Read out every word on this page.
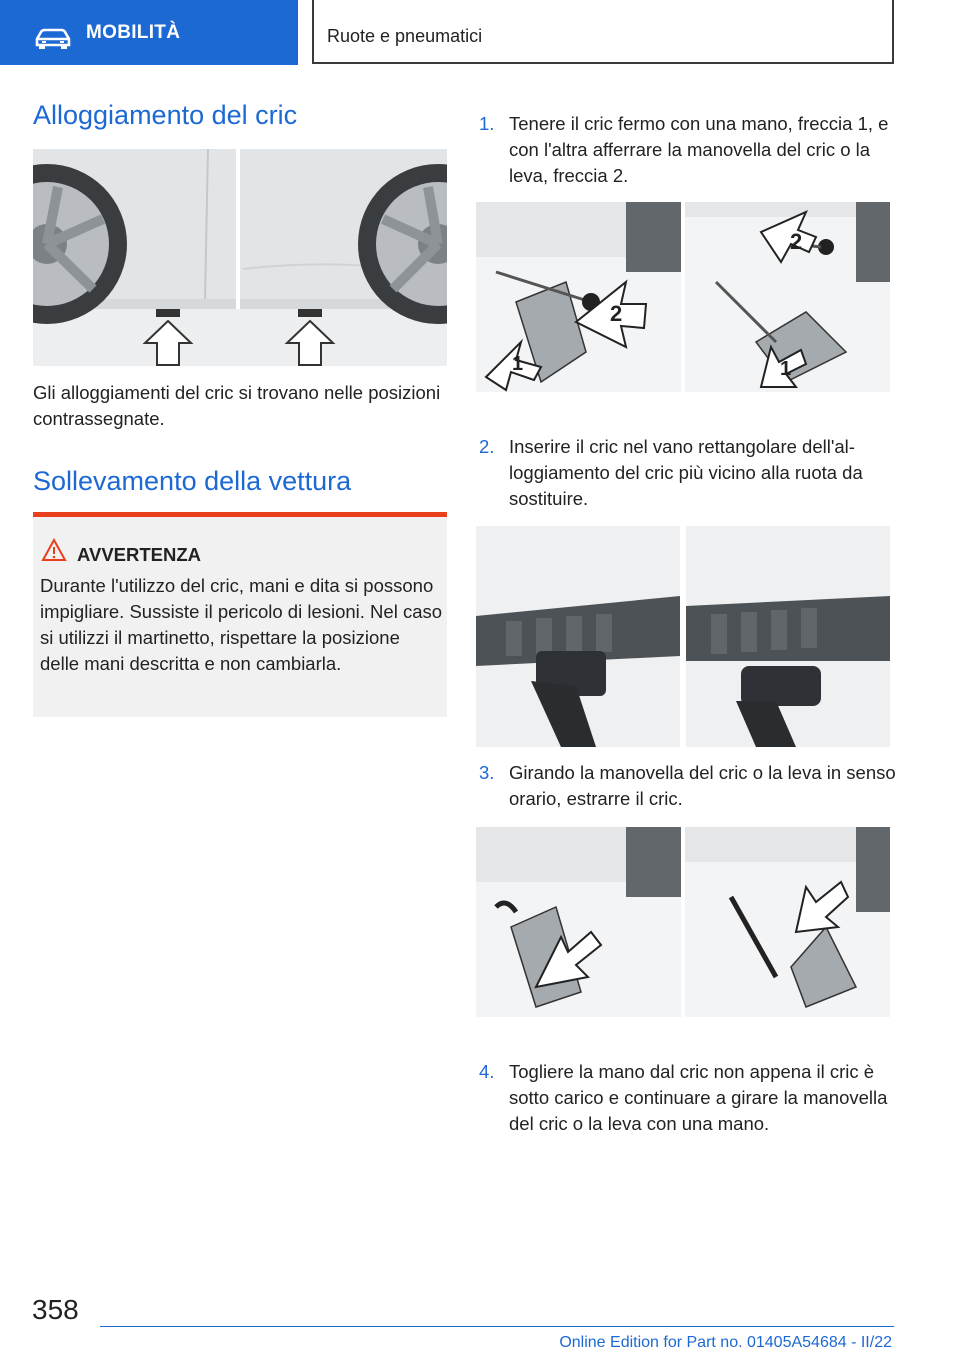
MOBILITÀ	Ruote e pneumatici
Alloggiamento del cric

Gli alloggiamenti del cric si trovano nelle posizioni contrassegnate.

Sollevamento della vettura
AVVERTENZA
Durante l'utilizzo del cric, mani e dita si possono impigliare. Sussiste il pericolo di lesioni. Nel caso si utilizzi il martinetto, rispettare la posizione delle mani descritta e non cambiarla.
1. Tenere il cric fermo con una mano, freccia 1, e con l'altra afferrare la manovella del cric o la leva, freccia 2.
1
2
1
2
2. Inserire il cric nel vano rettangolare dell'alloggiamento del cric più vicino alla ruota da sostituire.
3. Girando la manovella del cric o la leva in senso orario, estrarre il cric.
4. Togliere la mano dal cric non appena il cric è sotto carico e continuare a girare la manovella del cric o la leva con una mano.
358
Online Edition for Part no. 01405A54684 - II/22
